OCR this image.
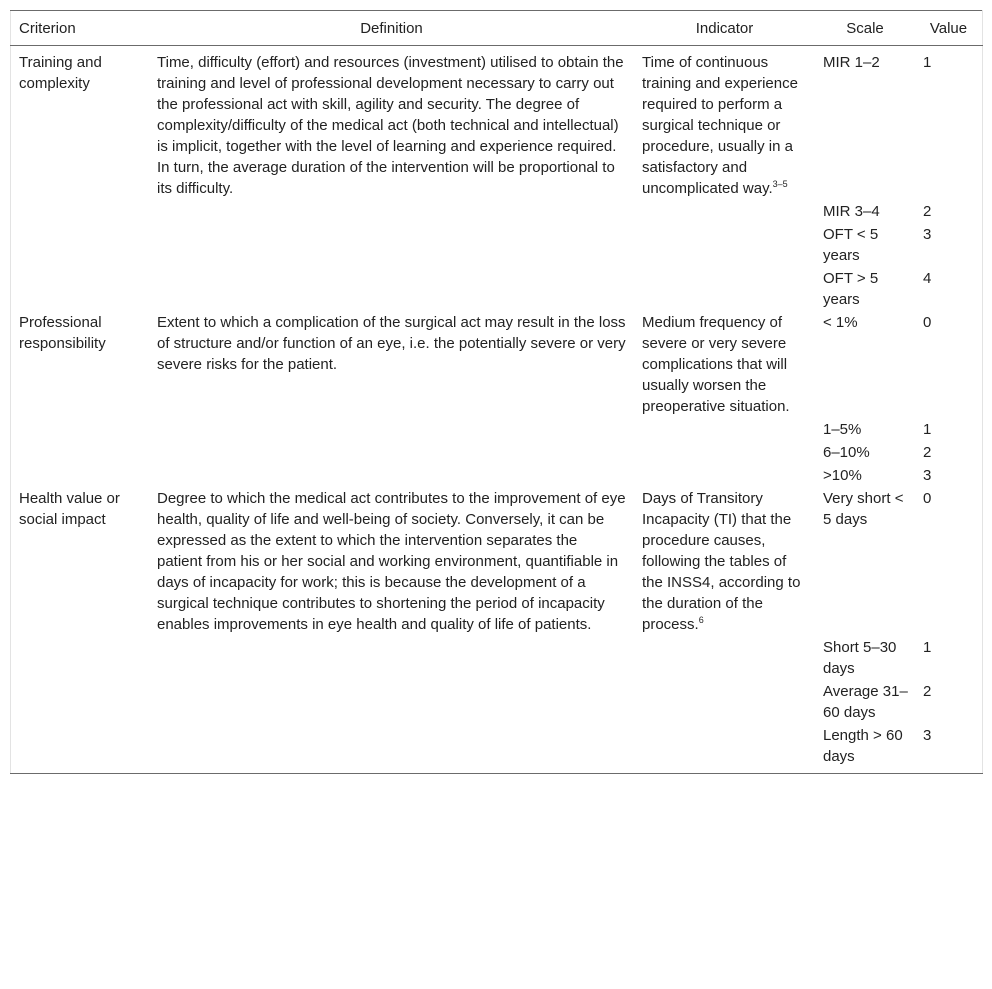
Criterion	Definition	Indicator	Scale	Value
Training and complexity	Time, difficulty (effort) and resources (investment) utilised to obtain the training and level of professional development necessary to carry out the professional act with skill, agility and security. The degree of complexity/difficulty of the medical act (both technical and intellectual) is implicit, together with the level of learning and experience required. In turn, the average duration of the intervention will be proportional to its difficulty.	Time of continuous training and experience required to perform a surgical technique or procedure, usually in a satisfactory and uncomplicated way.$^{3-5}$	MIR 1–2	1
			MIR 3–4	2
			OFT < 5 years	3
			OFT > 5 years	4
Professional responsibility	Extent to which a complication of the surgical act may result in the loss of structure and/or function of an eye, i.e. the potentially severe or very severe risks for the patient.	Medium frequency of severe or very severe complications that will usually worsen the preoperative situation.	< 1%	0
			1–5%	1
			6–10%	2
			>10%	3
Health value or social impact	Degree to which the medical act contributes to the improvement of eye health, quality of life and well-being of society. Conversely, it can be expressed as the extent to which the intervention separates the patient from his or her social and working environment, quantifiable in days of incapacity for work; this is because the development of a surgical technique contributes to shortening the period of incapacity enables improvements in eye health and quality of life of patients.	Days of Transitory Incapacity (TI) that the procedure causes, following the tables of the INSS4, according to the duration of the process.$^6$	Very short < 5 days	0
			Short 5–30 days	1
			Average 31–60 days	2
			Length > 60 days	3
